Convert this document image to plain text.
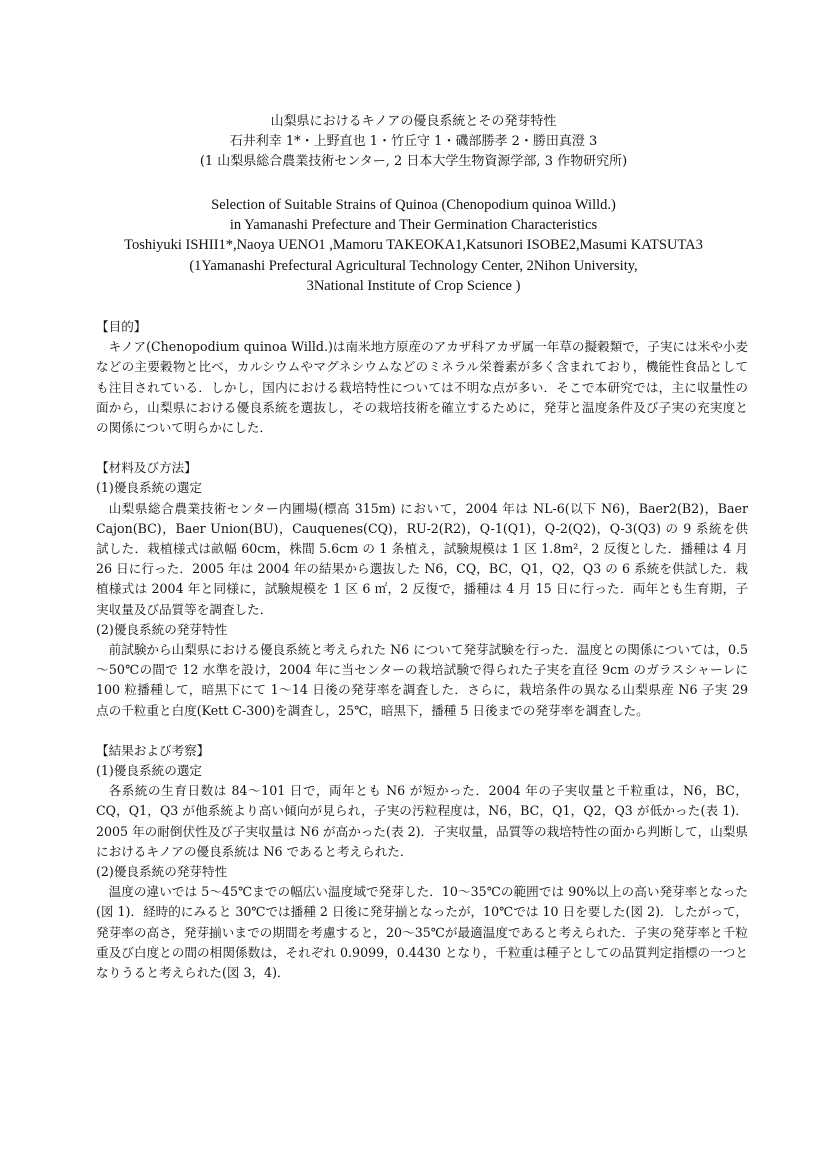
山梨県におけるキノアの優良系統とその発芽特性
石井利幸 1*・上野直也 1・竹丘守 1・磯部勝孝 2・勝田真澄 3
(1 山梨県総合農業技術センター, 2 日本大学生物資源学部, 3 作物研究所)
Selection of Suitable Strains of Quinoa (Chenopodium quinoa Willd.)
in Yamanashi Prefecture and Their Germination Characteristics
Toshiyuki ISHII1*,Naoya UENO1 ,Mamoru TAKEOKA1,Katsunori ISOBE2,Masumi KATSUTA3
(1Yamanashi Prefectural Agricultural Technology Center, 2Nihon University,
3National Institute of Crop Science )

【目的】

キノア(Chenopodium quinoa Willd.)は南米地方原産のアカザ科アカザ属一年草の擬穀類で，子実には米や小麦などの主要穀物と比べ，カルシウムやマグネシウムなどのミネラル栄養素が多く含まれており，機能性食品としても注目されている．しかし，国内における栽培特性については不明な点が多い．そこで本研究では，主に収量性の面から，山梨県における優良系統を選抜し，その栽培技術を確立するために，発芽と温度条件及び子実の充実度との関係について明らかにした．

【材料及び方法】

(1)優良系統の選定

山梨県総合農業技術センター内圃場(標高 315m) において，2004 年は NL-6(以下 N6)，Baer2(B2)，Baer Cajon(BC)，Baer Union(BU)，Cauquenes(CQ)，RU-2(R2)，Q-1(Q1)，Q-2(Q2)，Q-3(Q3) の 9 系統を供試した．栽植様式は畝幅 60cm，株間 5.6cm の 1 条植え，試験規模は 1 区 1.8m²，2 反復とした．播種は 4 月 26 日に行った．2005 年は 2004 年の結果から選抜した N6，CQ，BC，Q1，Q2，Q3 の 6 系統を供試した．栽植様式は 2004 年と同様に，試験規模を 1 区 6 ㎡，2 反復で，播種は 4 月 15 日に行った．両年とも生育期，子実収量及び品質等を調査した．

(2)優良系統の発芽特性

前試験から山梨県における優良系統と考えられた N6 について発芽試験を行った．温度との関係については，0.5～50℃の間で 12 水準を設け，2004 年に当センターの栽培試験で得られた子実を直径 9cm のガラスシャーレに 100 粒播種して，暗黒下にて 1～14 日後の発芽率を調査した．さらに，栽培条件の異なる山梨県産 N6 子実 29 点の千粒重と白度(Kett C-300)を調査し，25℃，暗黒下，播種 5 日後までの発芽率を調査した。

【結果および考察】

(1)優良系統の選定

各系統の生育日数は 84～101 日で，両年とも N6 が短かった．2004 年の子実収量と千粒重は，N6，BC，CQ，Q1，Q3 が他系統より高い傾向が見られ，子実の汚粒程度は，N6，BC，Q1，Q2，Q3 が低かった(表 1)．2005 年の耐倒伏性及び子実収量は N6 が高かった(表 2)．子実収量，品質等の栽培特性の面から判断して，山梨県におけるキノアの優良系統は N6 であると考えられた．

(2)優良系統の発芽特性

温度の違いでは 5～45℃までの幅広い温度域で発芽した．10～35℃の範囲では 90%以上の高い発芽率となった(図 1)．経時的にみると 30℃では播種 2 日後に発芽揃となったが，10℃では 10 日を要した(図 2)．したがって，発芽率の高さ，発芽揃いまでの期間を考慮すると，20～35℃が最適温度であると考えられた．子実の発芽率と千粒重及び白度との間の相関係数は，それぞれ 0.9099，0.4430 となり，千粒重は種子としての品質判定指標の一つとなりうると考えられた(図 3，4)．
